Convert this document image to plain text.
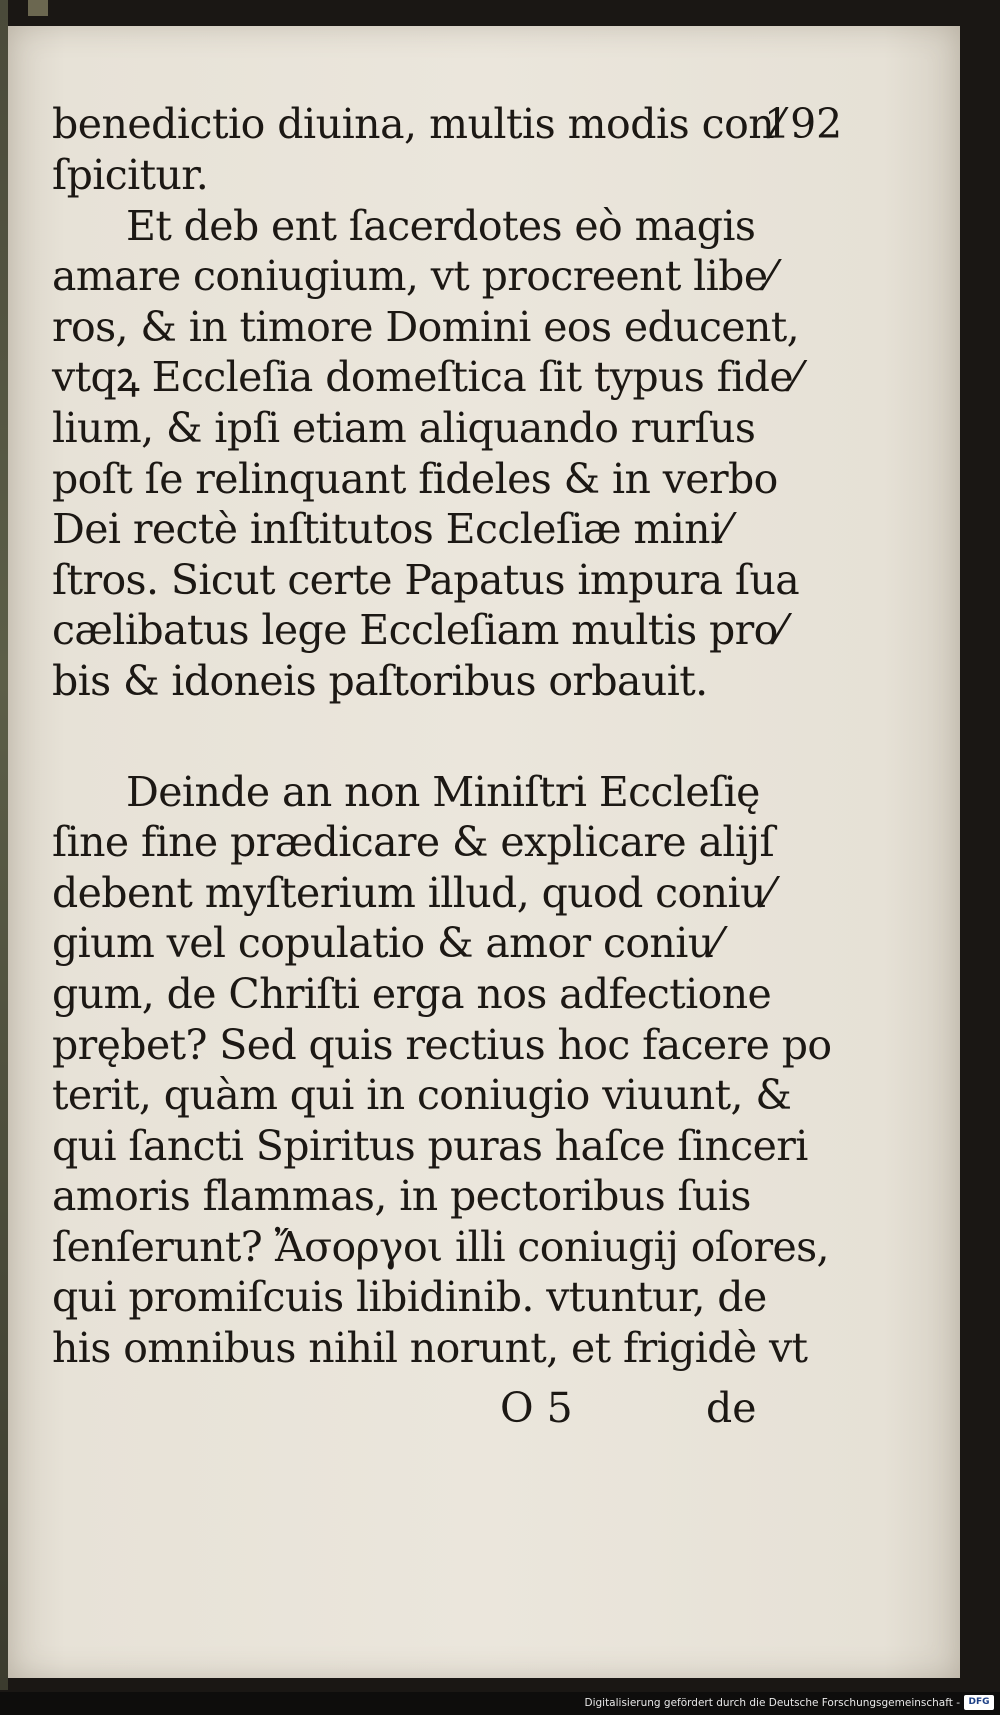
benedictio diuina, multis modis con⁄
192
ſpicitur.
Et deb ent ſacerdotes eò magis
amare coniugium, vt procreent libe⁄
ros, & in timore Domini eos educent,
vtqꝝ Eccleſia domeſtica ſit typus fide⁄
lium, & ipſi etiam aliquando rurſus
poſt ſe relinquant fideles & in verbo
Dei rectè inſtitutos Eccleſiæ mini⁄
ſtros. Sicut certe Papatus impura ſua
cælibatus lege Eccleſiam multis pro⁄
bis & idoneis paſtoribus orbauit.
Deinde an non Miniſtri Eccleſię
ſine fine prædicare & explicare alijſ
debent myſterium illud, quod coniu⁄
gium vel copulatio & amor coniu⁄
gum, de Chriſti erga nos adfectione
prębet? Sed quis rectius hoc facere po
terit, quàm qui in coniugio viuunt, &
qui ſancti Spiritus puras haſce ſinceri
amoris flammas, in pectoribus ſuis
ſenſerunt? Ἄσοργοι illi coniugij oſores,
qui promiſcuis libidinib. vtuntur, de
his omnibus nihil norunt, et frigidè vt
O 5	de
Digitalisierung gefördert durch die Deutsche Forschungsgemeinschaft - DFG
